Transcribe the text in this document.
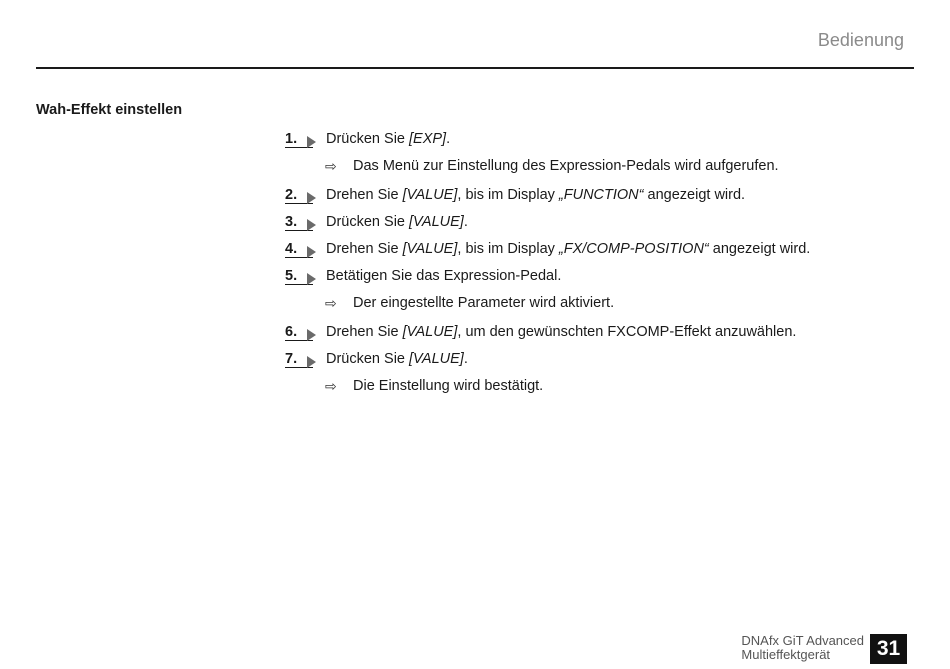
Bedienung
Wah-Effekt einstellen
1.	Drücken Sie [EXP].
⇨ Das Menü zur Einstellung des Expression-Pedals wird aufgerufen.
2.	Drehen Sie [VALUE], bis im Display „FUNCTION“ angezeigt wird.
3.	Drücken Sie [VALUE].
4.	Drehen Sie [VALUE], bis im Display „FX/COMP-POSITION“ angezeigt wird.
5.	Betätigen Sie das Expression-Pedal.
⇨ Der eingestellte Parameter wird aktiviert.
6.	Drehen Sie [VALUE], um den gewünschten FXCOMP-Effekt anzuwählen.
7.	Drücken Sie [VALUE].
⇨ Die Einstellung wird bestätigt.
DNAfx GiT Advanced
Multieffektgerät	31
